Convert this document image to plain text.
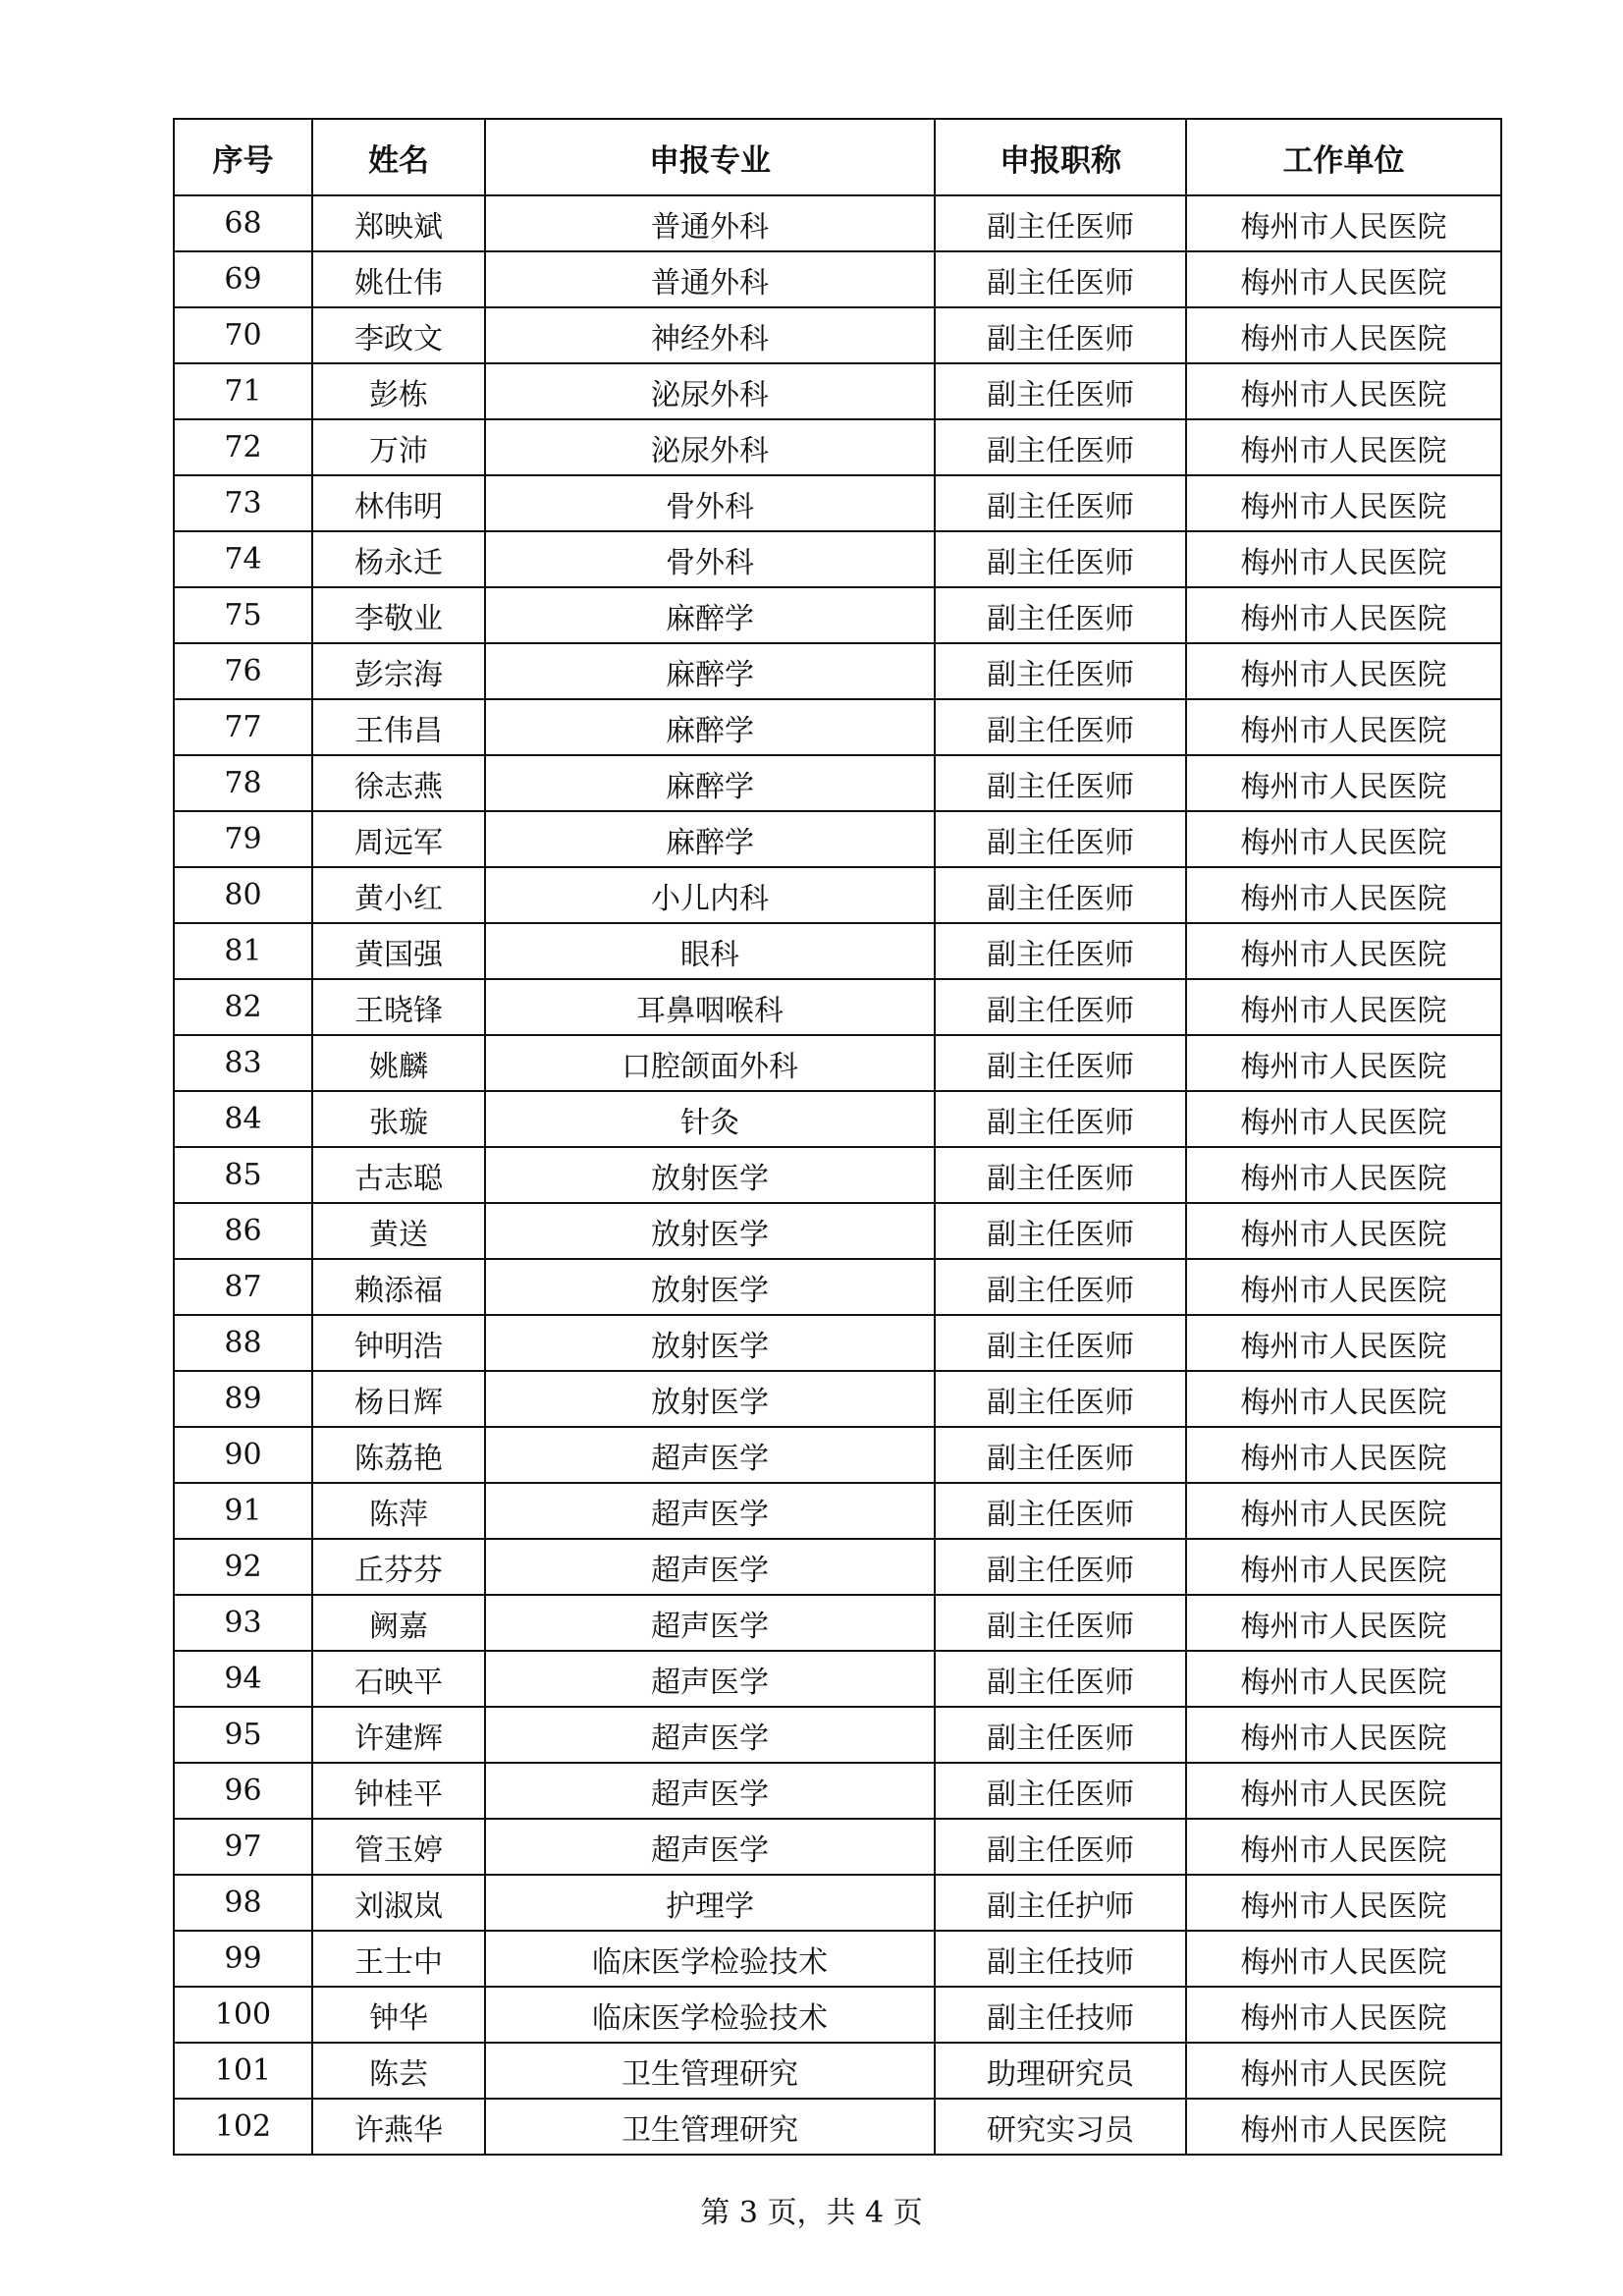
序号	姓名	申报专业	申报职称	工作单位
68	郑映斌	普通外科	副主任医师	梅州市人民医院
69	姚仕伟	普通外科	副主任医师	梅州市人民医院
70	李政文	神经外科	副主任医师	梅州市人民医院
71	彭栋	泌尿外科	副主任医师	梅州市人民医院
72	万沛	泌尿外科	副主任医师	梅州市人民医院
73	林伟明	骨外科	副主任医师	梅州市人民医院
74	杨永迁	骨外科	副主任医师	梅州市人民医院
75	李敬业	麻醉学	副主任医师	梅州市人民医院
76	彭宗海	麻醉学	副主任医师	梅州市人民医院
77	王伟昌	麻醉学	副主任医师	梅州市人民医院
78	徐志燕	麻醉学	副主任医师	梅州市人民医院
79	周远军	麻醉学	副主任医师	梅州市人民医院
80	黄小红	小儿内科	副主任医师	梅州市人民医院
81	黄国强	眼科	副主任医师	梅州市人民医院
82	王晓锋	耳鼻咽喉科	副主任医师	梅州市人民医院
83	姚麟	口腔颌面外科	副主任医师	梅州市人民医院
84	张璇	针灸	副主任医师	梅州市人民医院
85	古志聪	放射医学	副主任医师	梅州市人民医院
86	黄送	放射医学	副主任医师	梅州市人民医院
87	赖添福	放射医学	副主任医师	梅州市人民医院
88	钟明浩	放射医学	副主任医师	梅州市人民医院
89	杨日辉	放射医学	副主任医师	梅州市人民医院
90	陈荔艳	超声医学	副主任医师	梅州市人民医院
91	陈萍	超声医学	副主任医师	梅州市人民医院
92	丘芬芬	超声医学	副主任医师	梅州市人民医院
93	阙嘉	超声医学	副主任医师	梅州市人民医院
94	石映平	超声医学	副主任医师	梅州市人民医院
95	许建辉	超声医学	副主任医师	梅州市人民医院
96	钟桂平	超声医学	副主任医师	梅州市人民医院
97	管玉婷	超声医学	副主任医师	梅州市人民医院
98	刘淑岚	护理学	副主任护师	梅州市人民医院
99	王士中	临床医学检验技术	副主任技师	梅州市人民医院
100	钟华	临床医学检验技术	副主任技师	梅州市人民医院
101	陈芸	卫生管理研究	助理研究员	梅州市人民医院
102	许燕华	卫生管理研究	研究实习员	梅州市人民医院
第 3 页，共 4 页
